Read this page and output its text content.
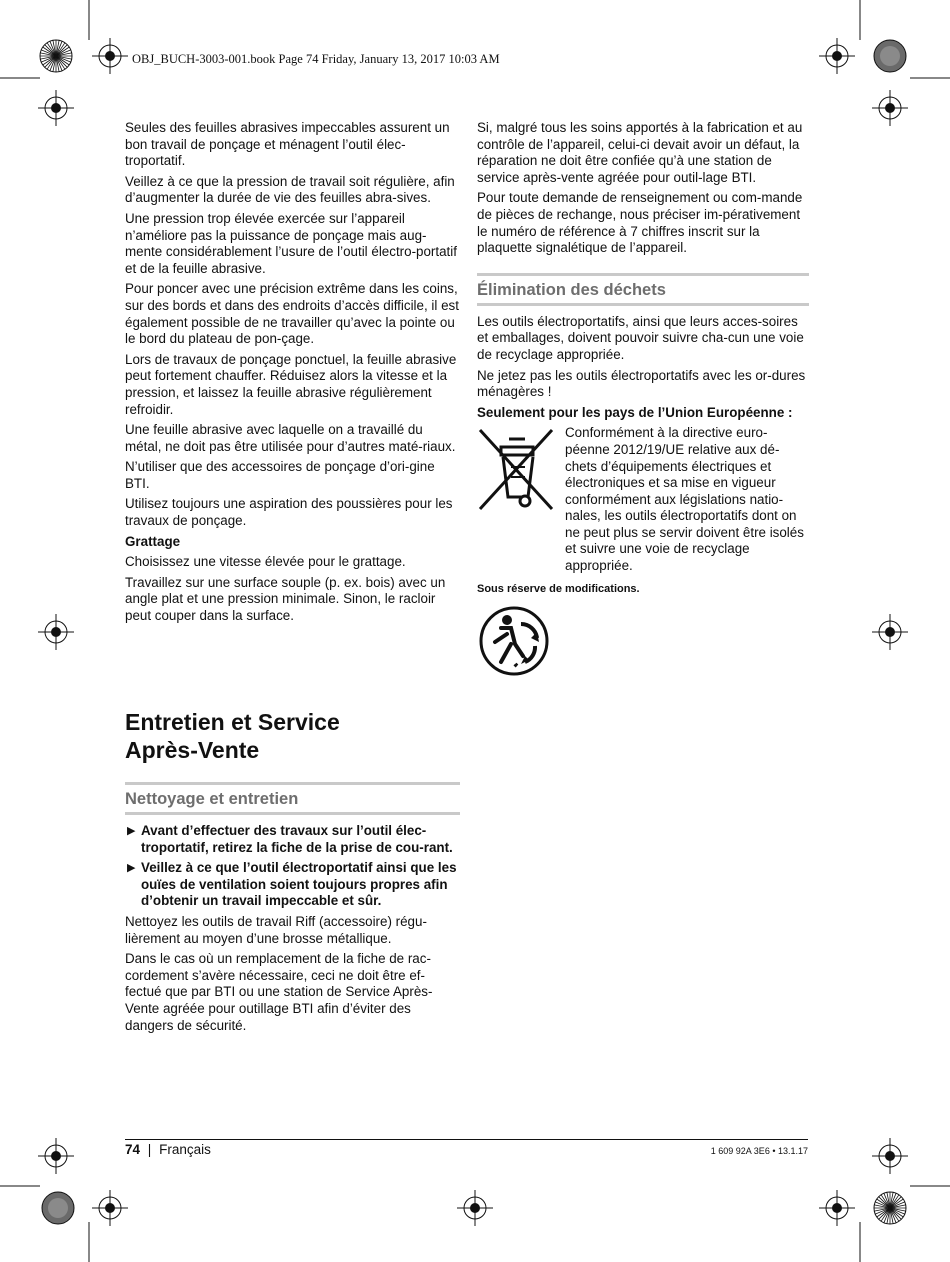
OBJ_BUCH-3003-001.book Page 74 Friday, January 13, 2017 10:03 AM

Seules des feuilles abrasives impeccables assurent un bon travail de ponçage et ménagent l’outil élec-troportatif.

Veillez à ce que la pression de travail soit régulière, afin d’augmenter la durée de vie des feuilles abra-sives.

Une pression trop élevée exercée sur l’appareil n’améliore pas la puissance de ponçage mais aug-mente considérablement l’usure de l’outil électro-portatif et de la feuille abrasive.

Pour poncer avec une précision extrême dans les coins, sur des bords et dans des endroits d’accès difficile, il est également possible de ne travailler qu’avec la pointe ou le bord du plateau de pon-çage.

Lors de travaux de ponçage ponctuel, la feuille abrasive peut fortement chauffer. Réduisez alors la vitesse et la pression, et laissez la feuille abrasive régulièrement refroidir.

Une feuille abrasive avec laquelle on a travaillé du métal, ne doit pas être utilisée pour d’autres maté-riaux.

N’utiliser que des accessoires de ponçage d’ori-gine BTI.

Utilisez toujours une aspiration des poussières pour les travaux de ponçage.

Grattage

Choisissez une vitesse élevée pour le grattage.

Travaillez sur une surface souple (p. ex. bois) avec un angle plat et une pression minimale. Sinon, le racloir peut couper dans la surface.

Entretien et Service Après-Vente
Nettoyage et entretien
▶ Avant d’effectuer des travaux sur l’outil élec-troportatif, retirez la fiche de la prise de cou-rant.
▶ Veillez à ce que l’outil électroportatif ainsi que les ouïes de ventilation soient toujours propres afin d’obtenir un travail impeccable et sûr.

Nettoyez les outils de travail Riff (accessoire) régu-lièrement au moyen d’une brosse métallique.

Dans le cas où un remplacement de la fiche de rac-cordement s’avère nécessaire, ceci ne doit être ef-fectué que par BTI ou une station de Service Après-Vente agréée pour outillage BTI afin d’éviter des dangers de sécurité.

Si, malgré tous les soins apportés à la fabrication et au contrôle de l’appareil, celui-ci devait avoir un défaut, la réparation ne doit être confiée qu’à une station de service après-vente agréée pour outil-lage BTI.

Pour toute demande de renseignement ou com-mande de pièces de rechange, nous préciser im-pérativement le numéro de référence à 7 chiffres inscrit sur la plaquette signalétique de l’appareil.

Élimination des déchets

Les outils électroportatifs, ainsi que leurs acces-soires et emballages, doivent pouvoir suivre cha-cun une voie de recyclage appropriée.

Ne jetez pas les outils électroportatifs avec les or-dures ménagères !

Seulement pour les pays de l’Union Européenne :

Conformément à la directive euro-péenne 2012/19/UE relative aux dé-chets d’équipements électriques et électroniques et sa mise en vigueur conformément aux législations natio-nales, les outils électroportatifs dont on ne peut plus se servir doivent être isolés et suivre une voie de recyclage appropriée.

Sous réserve de modifications.

74 | Français	1 609 92A 3E6 • 13.1.17
